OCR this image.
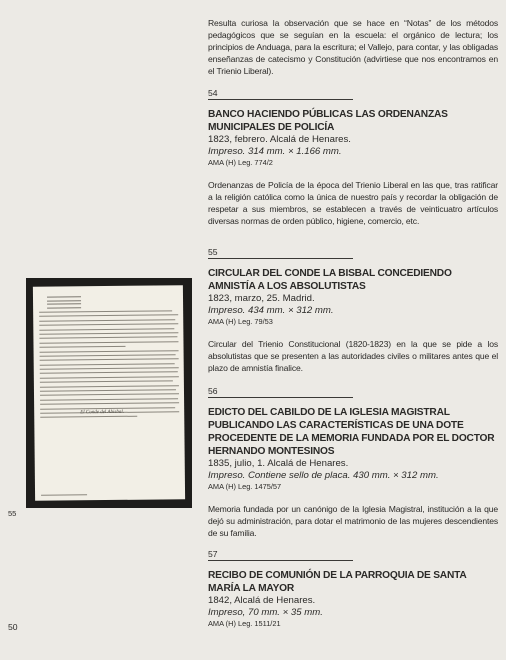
Resulta curiosa la observación que se hace en “Notas” de los métodos pedagógicos que se seguían en la escuela: el orgánico de lectura; los principios de Anduaga, para la escritura; el Vallejo, para contar, y las obligadas enseñanzas de catecismo y Constitución (advirtiese que nos encontramos en el Trienio Liberal).

54

BANCO HACIENDO PÚBLICAS LAS ORDENANZAS MUNICIPALES DE POLICÍA

1823, febrero. Alcalá de Henares.

Impreso. 314 mm. × 1.166 mm.

AMA (H) Leg. 774/2

Ordenanzas de Policía de la época del Trienio Liberal en las que, tras ratificar a la religión católica como la única de nuestro país y recordar la obligación de respetar a sus miembros, se establecen a través de veinticuatro artículos diversas normas de orden público, higiene, comercio, etc.

55

CIRCULAR DEL CONDE LA BISBAL CONCEDIENDO AMNISTÍA A LOS ABSOLUTISTAS

1823, marzo, 25. Madrid.

Impreso. 434 mm. × 312 mm.

AMA (H) Leg. 79/53

Circular del Trienio Constitucional (1820-1823) en la que se pide a los absolutistas que se presenten a las autoridades civiles o militares antes que el plazo de amnistía finalice.

56

EDICTO DEL CABILDO DE LA IGLESIA MAGISTRAL PUBLICANDO LAS CARACTERÍSTICAS DE UNA DOTE PROCEDENTE DE LA MEMORIA FUNDADA POR EL DOCTOR HERNANDO MONTESINOS

1835, julio, 1. Alcalá de Henares.

Impreso. Contiene sello de placa. 430 mm. × 312 mm.

AMA (H) Leg. 1475/57

Memoria fundada por un canónigo de la Iglesia Magistral, institución a la que dejó su administración, para dotar el matrimonio de las mujeres descendientes de su familia.

57

RECIBO DE COMUNIÓN DE LA PARROQUIA DE SANTA MARÍA LA MAYOR

1842, Alcalá de Henares.

Impreso, 70 mm. × 35 mm.

AMA (H) Leg. 1511/21

El Conde del Abisbal.

55

50
